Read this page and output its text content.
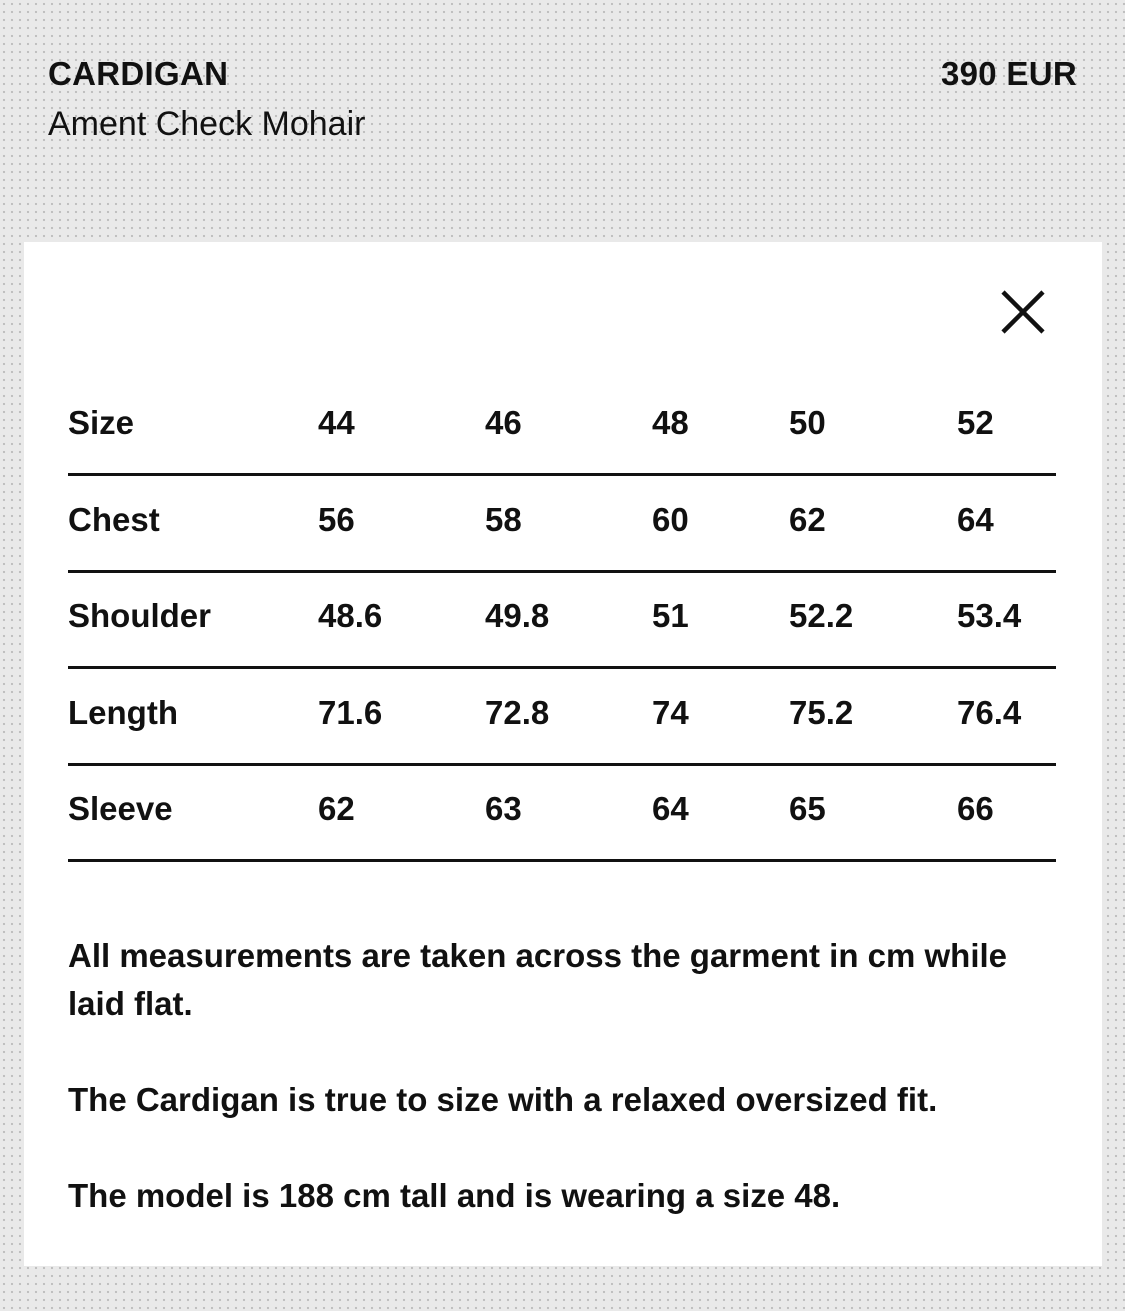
CARDIGAN
Ament Check Mohair
390 EUR
Size	44	46	48	50	52
Chest	56	58	60	62	64
Shoulder	48.6	49.8	51	52.2	53.4
Length	71.6	72.8	74	75.2	76.4
Sleeve	62	63	64	65	66

All measurements are taken across the garment in cm while laid flat.

The Cardigan is true to size with a relaxed oversized fit.

The model is 188 cm tall and is wearing a size 48.
